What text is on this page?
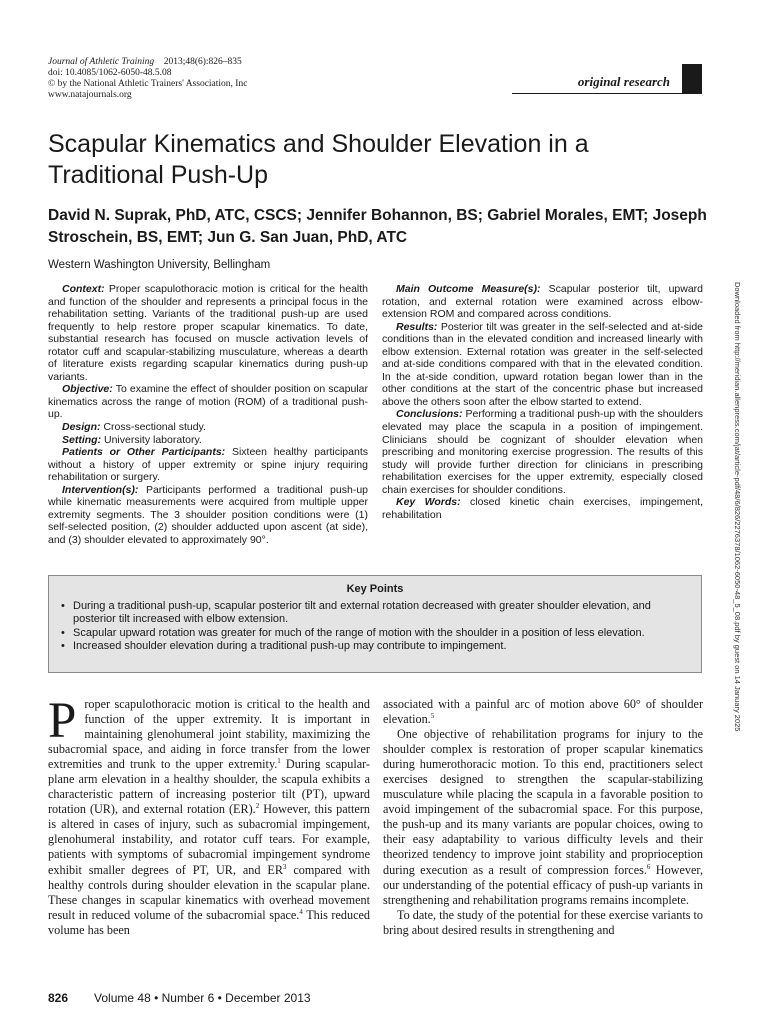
Journal of Athletic Training 2013;48(6):826–835
doi: 10.4085/1062-6050-48.5.08
© by the National Athletic Trainers' Association, Inc
www.natajournals.org
original research
Scapular Kinematics and Shoulder Elevation in a Traditional Push-Up
David N. Suprak, PhD, ATC, CSCS; Jennifer Bohannon, BS; Gabriel Morales, EMT; Joseph Stroschein, BS, EMT; Jun G. San Juan, PhD, ATC
Western Washington University, Bellingham

Context: Proper scapulothoracic motion is critical for the health and function of the shoulder and represents a principal focus in the rehabilitation setting. Variants of the traditional push-up are used frequently to help restore proper scapular kinematics. To date, substantial research has focused on muscle activation levels of rotator cuff and scapular-stabilizing musculature, whereas a dearth of literature exists regarding scapular kinematics during push-up variants.

Objective: To examine the effect of shoulder position on scapular kinematics across the range of motion (ROM) of a traditional push-up.

Design: Cross-sectional study.

Setting: University laboratory.

Patients or Other Participants: Sixteen healthy participants without a history of upper extremity or spine injury requiring rehabilitation or surgery.

Intervention(s): Participants performed a traditional push-up while kinematic measurements were acquired from multiple upper extremity segments. The 3 shoulder position conditions were (1) self-selected position, (2) shoulder adducted upon ascent (at side), and (3) shoulder elevated to approximately 90°.

Main Outcome Measure(s): Scapular posterior tilt, upward rotation, and external rotation were examined across elbow-extension ROM and compared across conditions.

Results: Posterior tilt was greater in the self-selected and at-side conditions than in the elevated condition and increased linearly with elbow extension. External rotation was greater in the self-selected and at-side conditions compared with that in the elevated condition. In the at-side condition, upward rotation began lower than in the other conditions at the start of the concentric phase but increased above the others soon after the elbow started to extend.

Conclusions: Performing a traditional push-up with the shoulders elevated may place the scapula in a position of impingement. Clinicians should be cognizant of shoulder elevation when prescribing and monitoring exercise progression. The results of this study will provide further direction for clinicians in prescribing rehabilitation exercises for the upper extremity, especially closed chain exercises for shoulder conditions.

Key Words: closed kinetic chain exercises, impingement, rehabilitation	Downloaded from http://meridian.allenpress.com/jat/article-pdf/48/6/826/2276378/1062-6050-48_5_08.pdf by guest on 14 January 2025
Key Points
• During a traditional push-up, scapular posterior tilt and external rotation decreased with greater shoulder elevation, and posterior tilt increased with elbow extension.
• Scapular upward rotation was greater for much of the range of motion with the shoulder in a position of less elevation.
• Increased shoulder elevation during a traditional push-up may contribute to impingement.

Proper scapulothoracic motion is critical to the health and function of the upper extremity. It is important in maintaining glenohumeral joint stability, maximizing the subacromial space, and aiding in force transfer from the lower extremities and trunk to the upper extremity.$^1$ During scapular-plane arm elevation in a healthy shoulder, the scapula exhibits a characteristic pattern of increasing posterior tilt (PT), upward rotation (UR), and external rotation (ER).$^2$ However, this pattern is altered in cases of injury, such as subacromial impingement, glenohumeral instability, and rotator cuff tears. For example, patients with symptoms of subacromial impingement syndrome exhibit smaller degrees of PT, UR, and $ER^3$ compared with healthy controls during shoulder elevation in the scapular plane. These changes in scapular kinematics with overhead movement result in reduced volume of the subacromial space.$^4$ This reduced volume has been

associated with a painful arc of motion above 60° of shoulder elevation.$^5$

One objective of rehabilitation programs for injury to the shoulder complex is restoration of proper scapular kinematics during humerothoracic motion. To this end, practitioners select exercises designed to strengthen the scapular-stabilizing musculature while placing the scapula in a favorable position to avoid impingement of the subacromial space. For this purpose, the push-up and its many variants are popular choices, owing to their easy adaptability to various difficulty levels and their theorized tendency to improve joint stability and proprioception during execution as a result of compression forces.$^6$ However, our understanding of the potential efficacy of push-up variants in strengthening and rehabilitation programs remains incomplete.

To date, the study of the potential for these exercise variants to bring about desired results in strengthening and

826 Volume 48 • Number 6 • December 2013
